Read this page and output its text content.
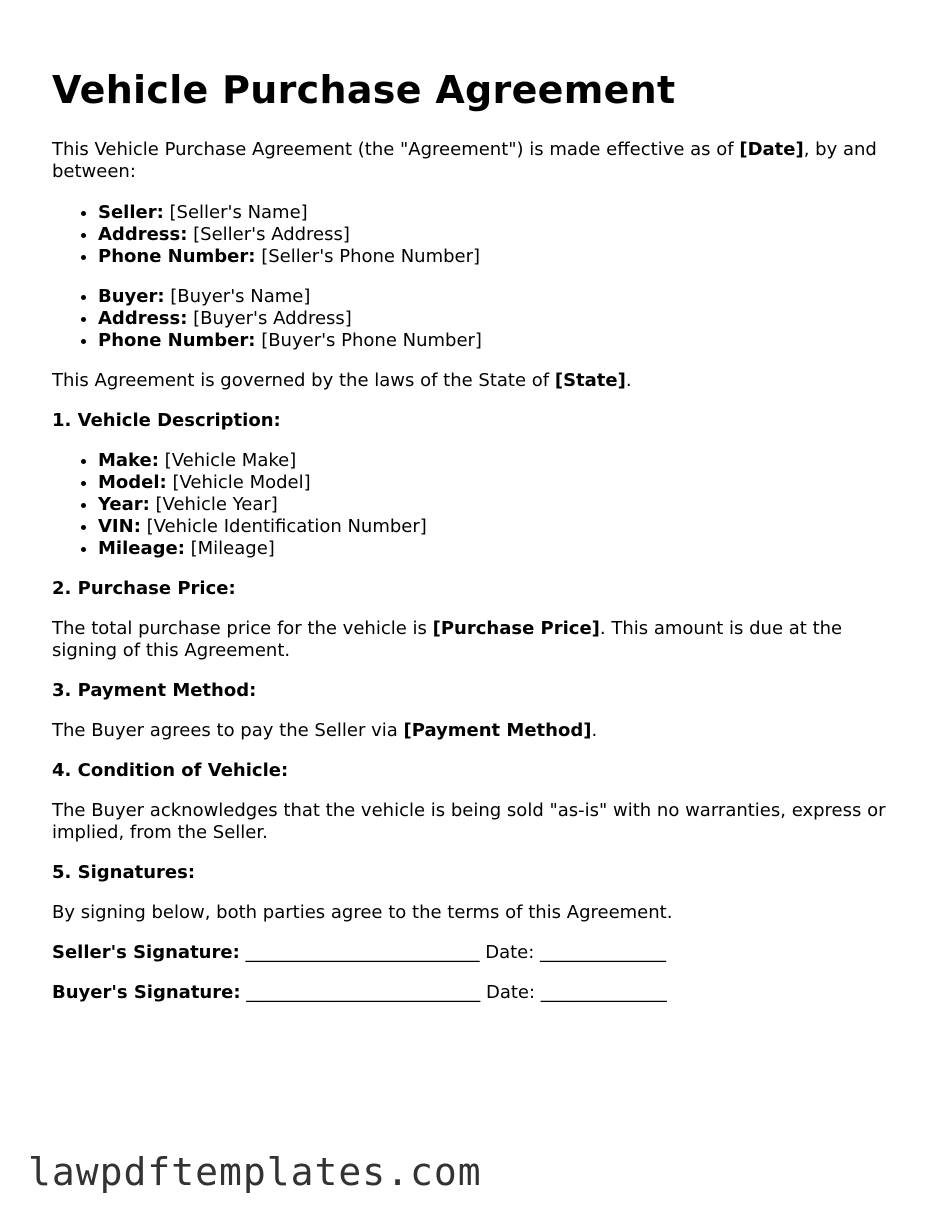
Vehicle Purchase Agreement

This Vehicle Purchase Agreement (the "Agreement") is made effective as of [Date], by and between:

• Seller: [Seller's Name]
• Address: [Seller's Address]
• Phone Number: [Seller's Phone Number]
• Buyer: [Buyer's Name]
• Address: [Buyer's Address]
• Phone Number: [Buyer's Phone Number]

This Agreement is governed by the laws of the State of [State].

1. Vehicle Description:
• Make: [Vehicle Make]
• Model: [Vehicle Model]
• Year: [Vehicle Year]
• VIN: [Vehicle Identification Number]
• Mileage: [Mileage]
2. Purchase Price:

The total purchase price for the vehicle is [Purchase Price]. This amount is due at the signing of this Agreement.

3. Payment Method:

The Buyer agrees to pay the Seller via [Payment Method].

4. Condition of Vehicle:

The Buyer acknowledges that the vehicle is being sold "as-is" with no warranties, express or implied, from the Seller.

5. Signatures:

By signing below, both parties agree to the terms of this Agreement.

Seller's Signature: __________________________ Date: ______________

Buyer's Signature: __________________________ Date: ______________

lawpdftemplates.com
